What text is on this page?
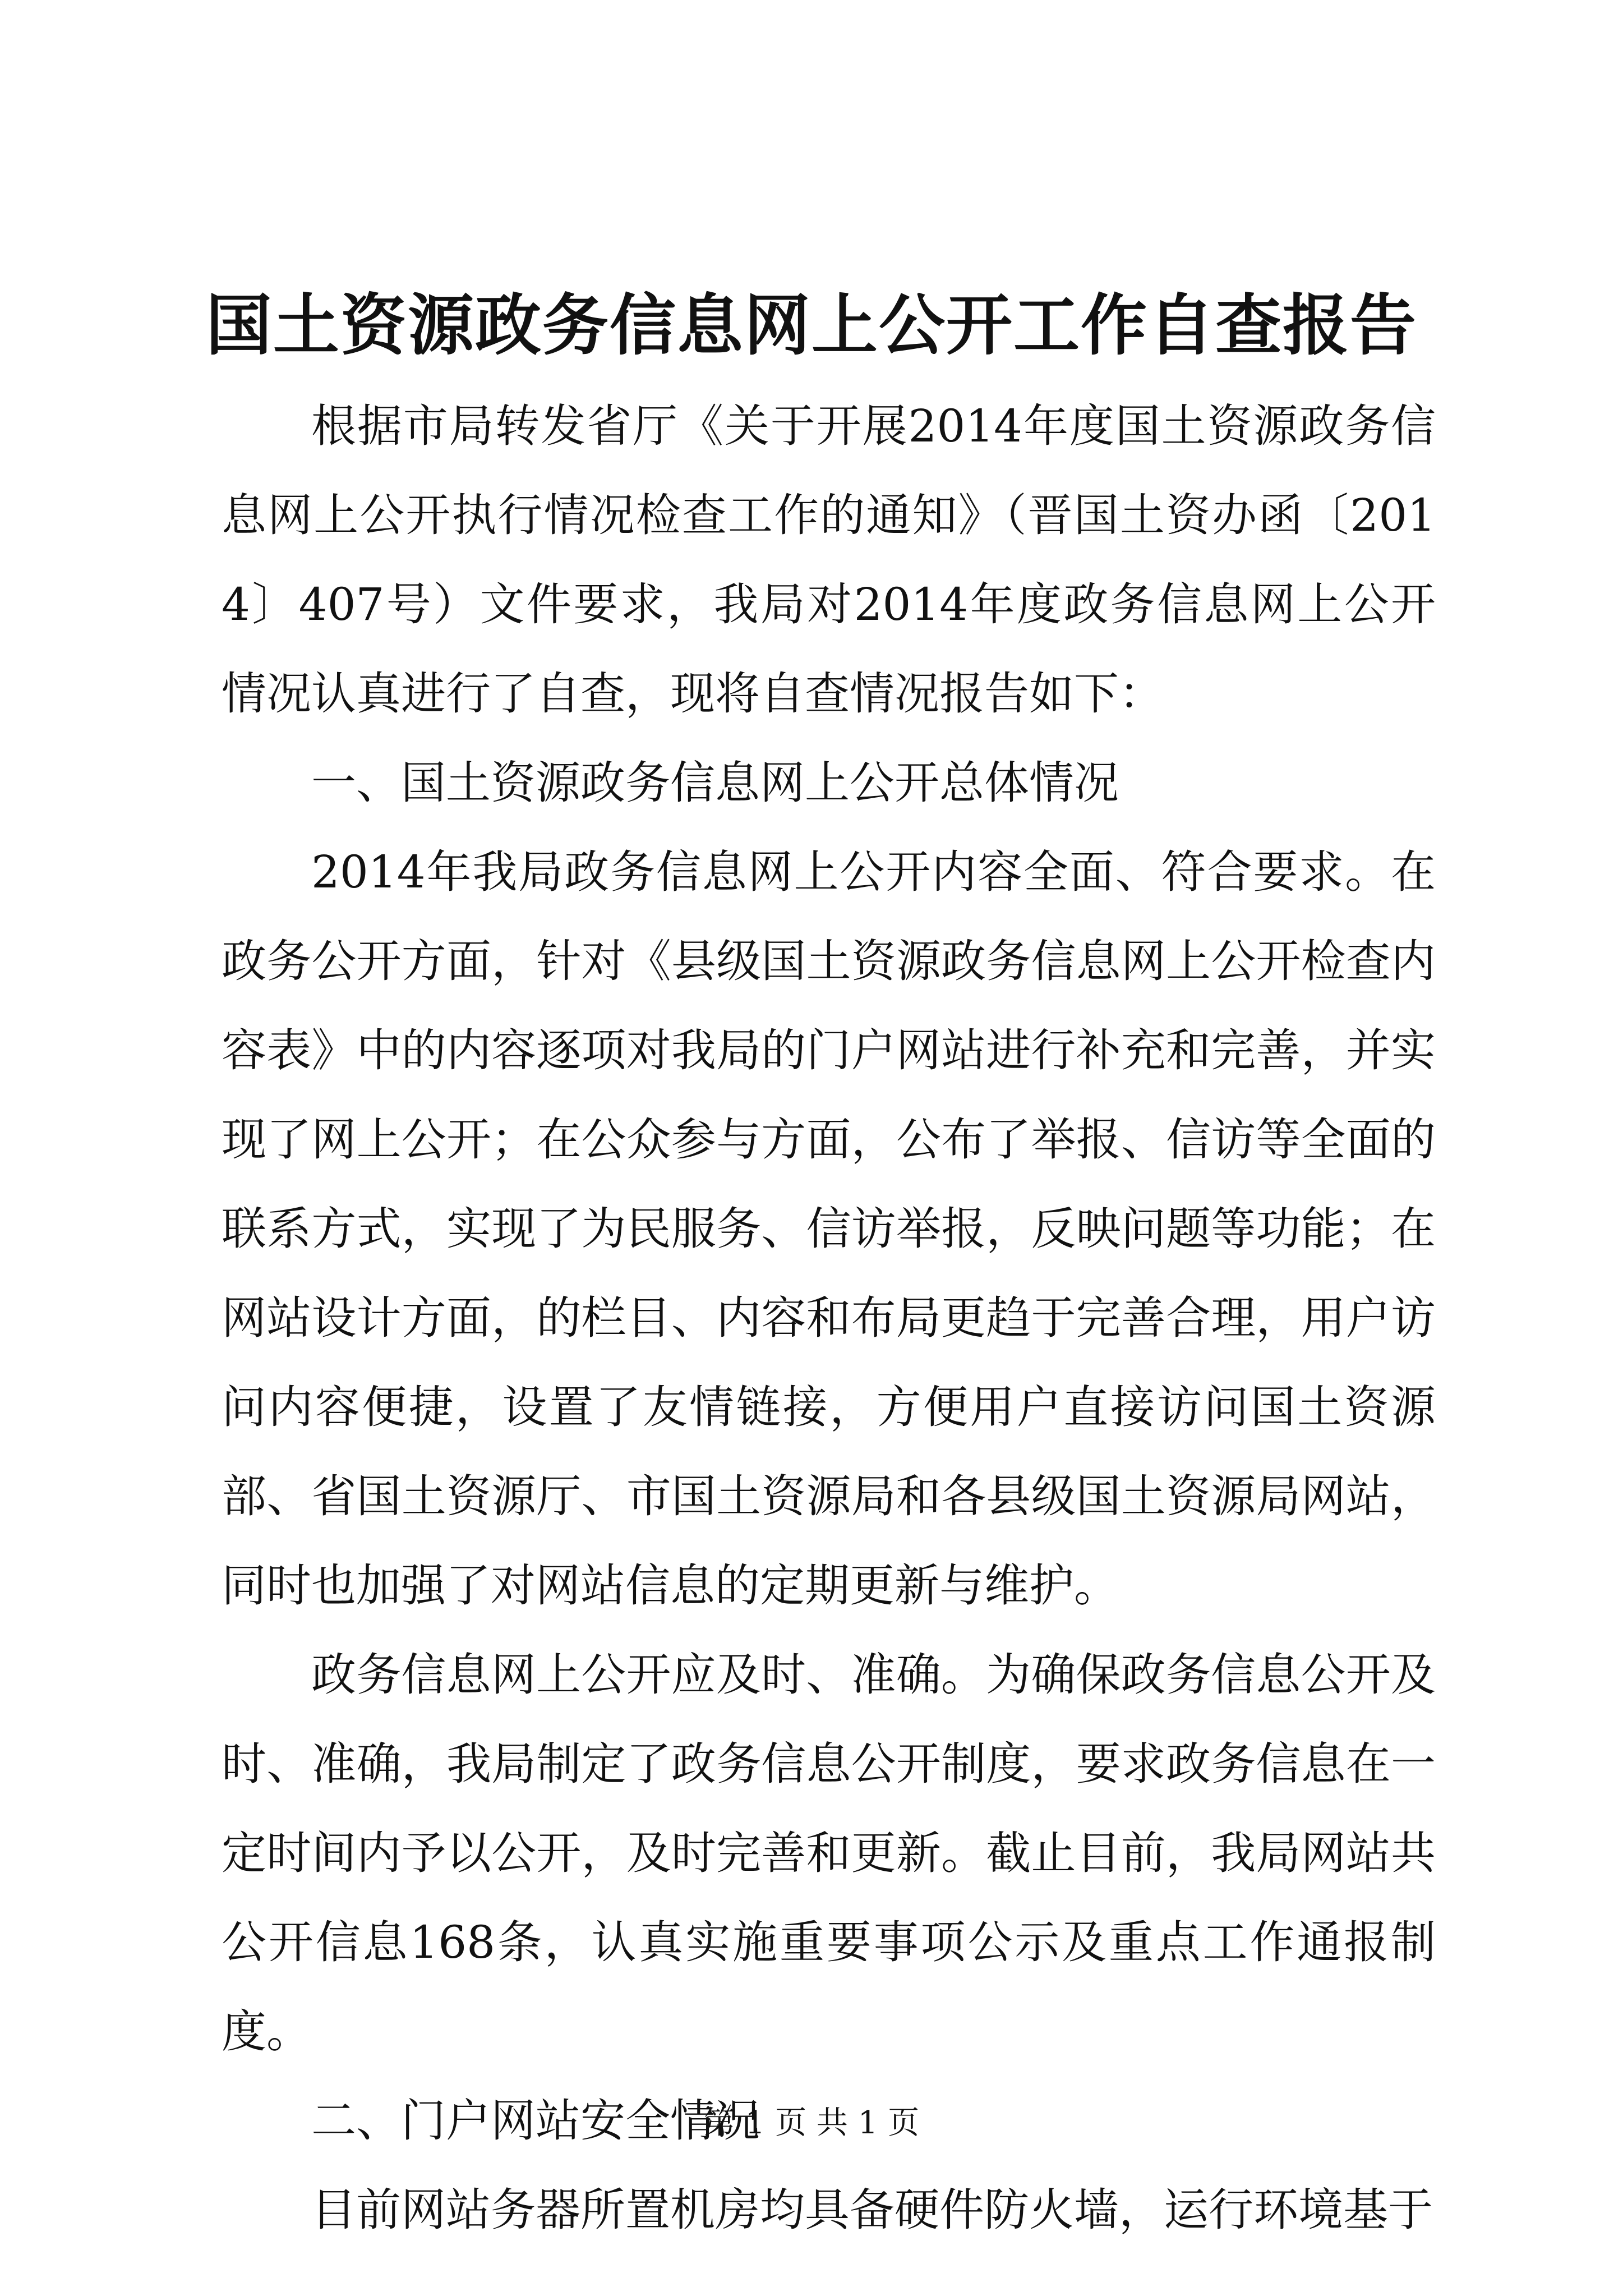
国土资源政务信息网上公开工作自查报告

根据市局转发省厅《关于开展2014年度国土资源政务信息网上公开执行情况检查工作的通知》（晋国土资办函〔2014〕407号）文件要求，我局对2014年度政务信息网上公开情况认真进行了自查，现将自查情况报告如下：

一、国土资源政务信息网上公开总体情况

2014年我局政务信息网上公开内容全面、符合要求。在政务公开方面，针对《县级国土资源政务信息网上公开检查内容表》中的内容逐项对我局的门户网站进行补充和完善，并实现了网上公开；在公众参与方面，公布了举报、信访等全面的联系方式，实现了为民服务、信访举报，反映问题等功能；在网站设计方面，的栏目、内容和布局更趋于完善合理，用户访问内容便捷，设置了友情链接，方便用户直接访问国土资源部、省国土资源厅、市国土资源局和各县级国土资源局网站，同时也加强了对网站信息的定期更新与维护。

政务信息网上公开应及时、准确。为确保政务信息公开及时、准确，我局制定了政务信息公开制度，要求政务信息在一定时间内予以公开，及时完善和更新。截止目前，我局网站共公开信息168条，认真实施重要事项公示及重点工作通报制度。

二、门户网站安全情况

目前网站务器所置机房均具备硬件防火墙，运行环境基于

第 1 页 共 1 页
